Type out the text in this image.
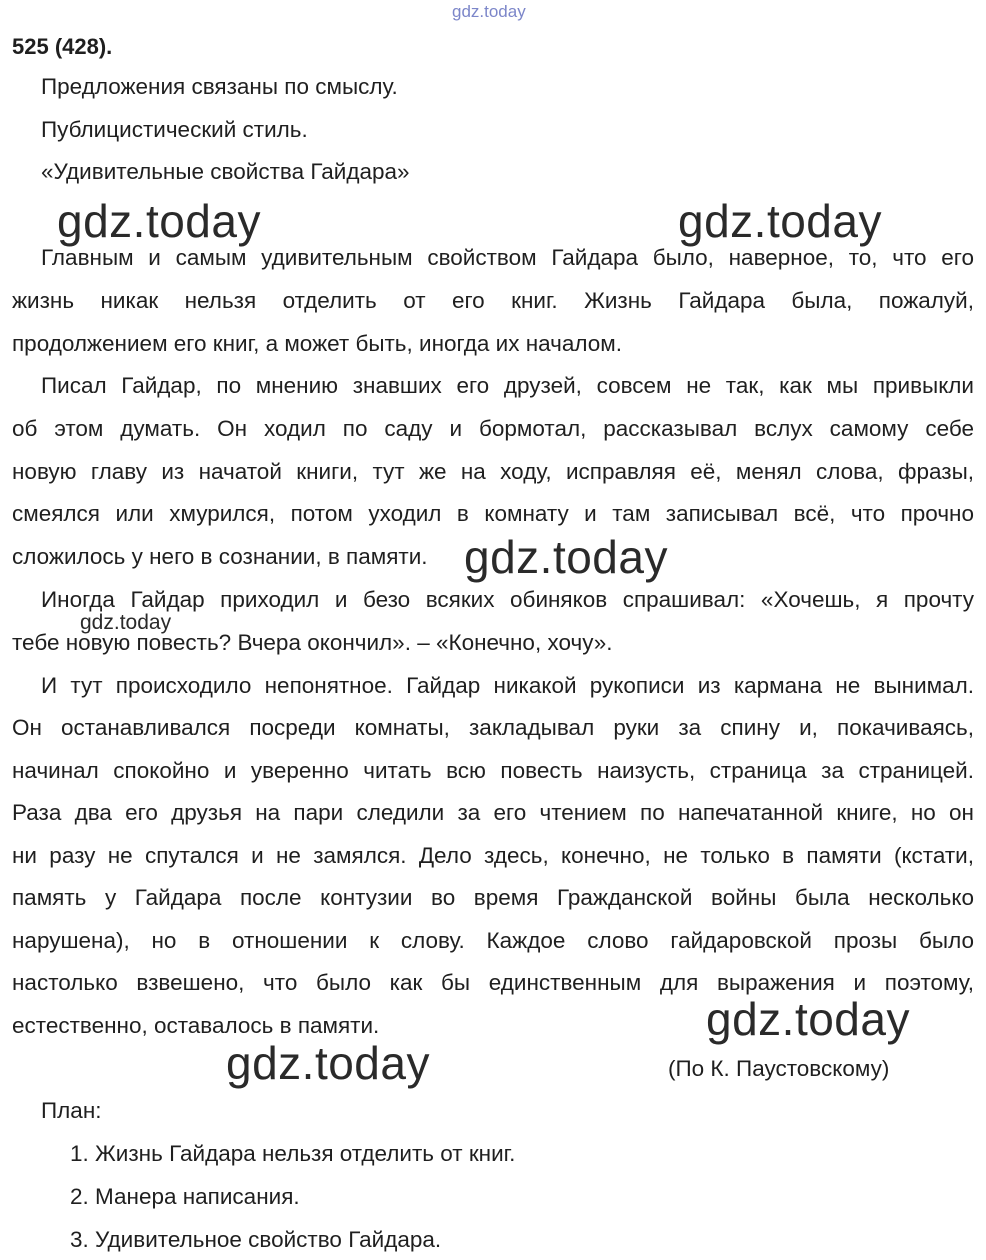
gdz.today
525 (428).
Предложения связаны по смыслу.
Публицистический стиль.
«Удивительные свойства Гайдара»
Главным и самым удивительным свойством Гайдара было, наверное, то, что его
жизнь никак нельзя отделить от его книг. Жизнь Гайдара была, пожалуй,
продолжением его книг, а может быть, иногда их началом.
Писал Гайдар, по мнению знавших его друзей, совсем не так, как мы привыкли
об этом думать. Он ходил по саду и бормотал, рассказывал вслух самому себе
новую главу из начатой книги, тут же на ходу, исправляя её, менял слова, фразы,
смеялся или хмурился, потом уходил в комнату и там записывал всё, что прочно
сложилось у него в сознании, в памяти.
Иногда Гайдар приходил и безо всяких обиняков спрашивал: «Хочешь, я прочту
тебе новую повесть? Вчера окончил». – «Конечно, хочу».
И тут происходило непонятное. Гайдар никакой рукописи из кармана не вынимал.
Он останавливался посреди комнаты, закладывал руки за спину и, покачиваясь,
начинал спокойно и уверенно читать всю повесть наизусть, страница за страницей.
Раза два его друзья на пари следили за его чтением по напечатанной книге, но он
ни разу не спутался и не замялся. Дело здесь, конечно, не только в памяти (кстати,
память у Гайдара после контузии во время Гражданской войны была несколько
нарушена), но в отношении к слову. Каждое слово гайдаровской прозы было
настолько взвешено, что было как бы единственным для выражения и поэтому,
естественно, оставалось в памяти.
(По К. Паустовскому)
План:
1. Жизнь Гайдара нельзя отделить от книг.
2. Манера написания.
3. Удивительное свойство Гайдара.
gdz.today	gdz.today
gdz.today
gdz.today
gdz.today
gdz.today
